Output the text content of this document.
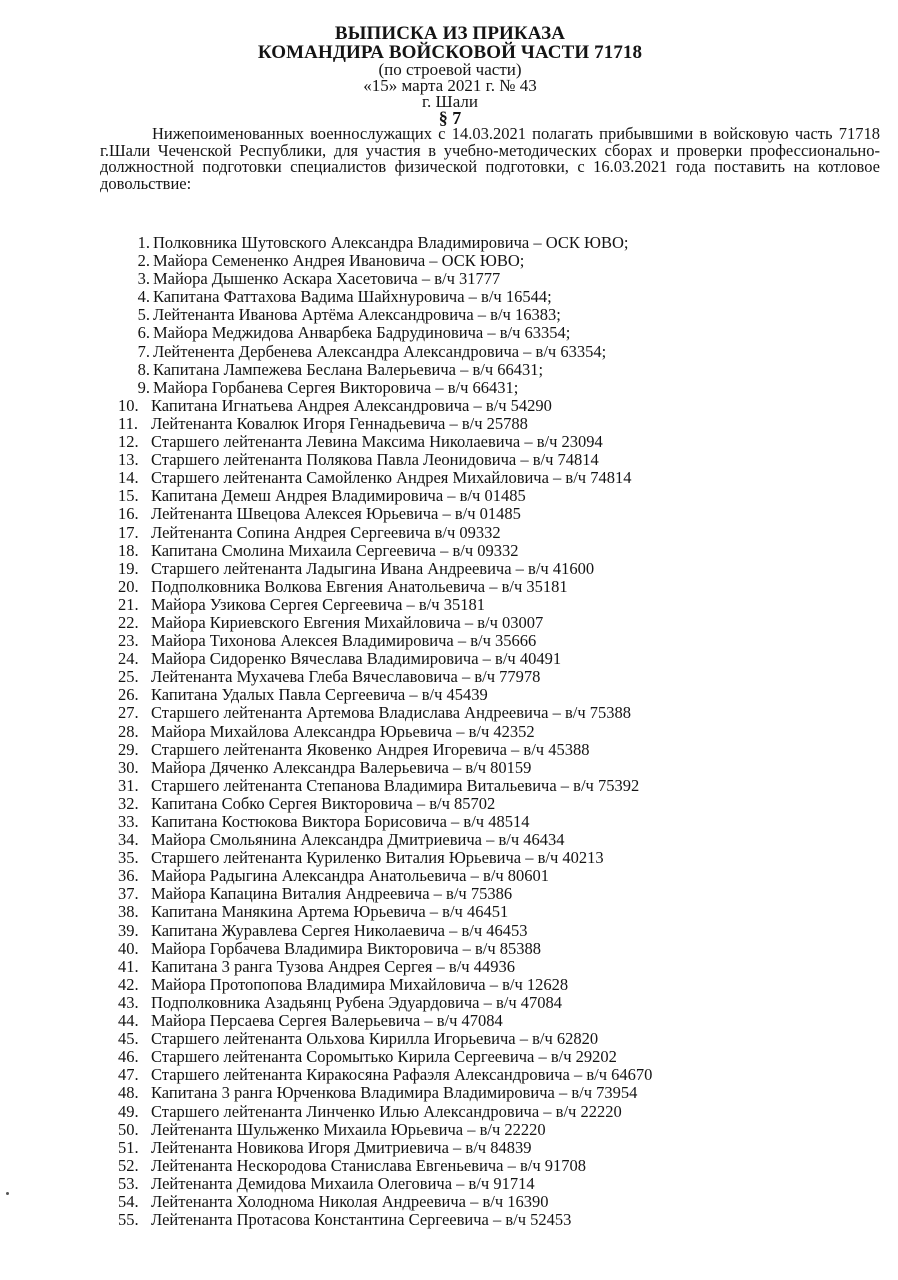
ВЫПИСКА ИЗ ПРИКАЗА
КОМАНДИРА ВОЙСКОВОЙ ЧАСТИ 71718
(по строевой части)
«15» марта 2021 г. № 43
г. Шали
§ 7
Нижепоименованных военнослужащих с 14.03.2021 полагать прибывшими в войсковую часть 71718 г.Шали Чеченской Республики, для участия в учебно-методических сборах и проверки профессионально-должностной подготовки специалистов физической подготовки, с 16.03.2021 года поставить на котловое довольствие:
1. Полковника Шутовского Александра Владимировича – ОСК ЮВО;
2. Майора Семененко Андрея Ивановича – ОСК ЮВО;
3. Майора Дышенко Аскара Хасетовича – в/ч 31777
4. Капитана Фаттахова Вадима Шайхнуровича – в/ч 16544;
5. Лейтенанта Иванова Артёма Александровича – в/ч 16383;
6. Майора Меджидова Анварбека Бадрудиновича – в/ч 63354;
7. Лейтенента Дербенева Александра Александровича – в/ч 63354;
8. Капитана Лампежева Беслана Валерьевича – в/ч 66431;
9. Майора Горбанева Сергея Викторовича – в/ч 66431;
10. Капитана Игнатьева Андрея Александровича – в/ч 54290
11. Лейтенанта Ковалюк Игоря Геннадьевича – в/ч 25788
12. Старшего лейтенанта Левина Максима Николаевича – в/ч 23094
13. Старшего лейтенанта Полякова Павла Леонидовича – в/ч 74814
14. Старшего лейтенанта Самойленко Андрея Михайловича – в/ч 74814
15. Капитана Демеш Андрея Владимировича – в/ч 01485
16. Лейтенанта Швецова Алексея Юрьевича – в/ч 01485
17. Лейтенанта Сопина Андрея Сергеевича в/ч 09332
18. Капитана Смолина Михаила Сергеевича – в/ч 09332
19. Старшего лейтенанта Ладыгина Ивана Андреевича – в/ч 41600
20. Подполковника Волкова Евгения Анатольевича – в/ч 35181
21. Майора Узикова Сергея Сергеевича – в/ч 35181
22. Майора Кириевского Евгения Михайловича – в/ч 03007
23. Майора Тихонова Алексея Владимировича – в/ч 35666
24. Майора Сидоренко Вячеслава Владимировича – в/ч 40491
25. Лейтенанта Мухачева Глеба Вячеславовича – в/ч 77978
26. Капитана Удалых Павла Сергеевича – в/ч 45439
27. Старшего лейтенанта Артемова Владислава Андреевича – в/ч 75388
28. Майора Михайлова Александра Юрьевича – в/ч 42352
29. Старшего лейтенанта Яковенко Андрея Игоревича – в/ч 45388
30. Майора Дяченко Александра Валерьевича – в/ч 80159
31. Старшего лейтенанта Степанова Владимира Витальевича – в/ч 75392
32. Капитана Собко Сергея Викторовича – в/ч 85702
33. Капитана Костюкова Виктора Борисовича – в/ч 48514
34. Майора Смольянина Александра Дмитриевича – в/ч 46434
35. Старшего лейтенанта Куриленко Виталия Юрьевича – в/ч 40213
36. Майора Радыгина Александра Анатольевича – в/ч 80601
37. Майора Капацина Виталия Андреевича – в/ч 75386
38. Капитана Манякина Артема Юрьевича – в/ч 46451
39. Капитана Журавлева Сергея Николаевича – в/ч 46453
40. Майора Горбачева Владимира Викторовича – в/ч 85388
41. Капитана 3 ранга Тузова Андрея Сергея – в/ч 44936
42. Майора Протопопова Владимира Михайловича – в/ч 12628
43. Подполковника Азадьянц Рубена Эдуардовича – в/ч 47084
44. Майора Персаева Сергея Валерьевича – в/ч 47084
45. Старшего лейтенанта Ольхова Кирилла Игорьевича – в/ч 62820
46. Старшего лейтенанта Соромытько Кирила Сергеевича – в/ч 29202
47. Старшего лейтенанта Киракосяна Рафаэля Александровича – в/ч 64670
48. Капитана 3 ранга Юрченкова Владимира Владимировича – в/ч 73954
49. Старшего лейтенанта Линченко Илью Александровича – в/ч 22220
50. Лейтенанта Шульженко Михаила Юрьевича – в/ч 22220
51. Лейтенанта Новикова Игоря Дмитриевича – в/ч 84839
52. Лейтенанта Нескородова Станислава Евгеньевича – в/ч 91708
53. Лейтенанта Демидова Михаила Олеговича – в/ч 91714
54. Лейтенанта Холоднома Николая Андреевича – в/ч 16390
55. Лейтенанта Протасова Константина Сергеевича – в/ч 52453
